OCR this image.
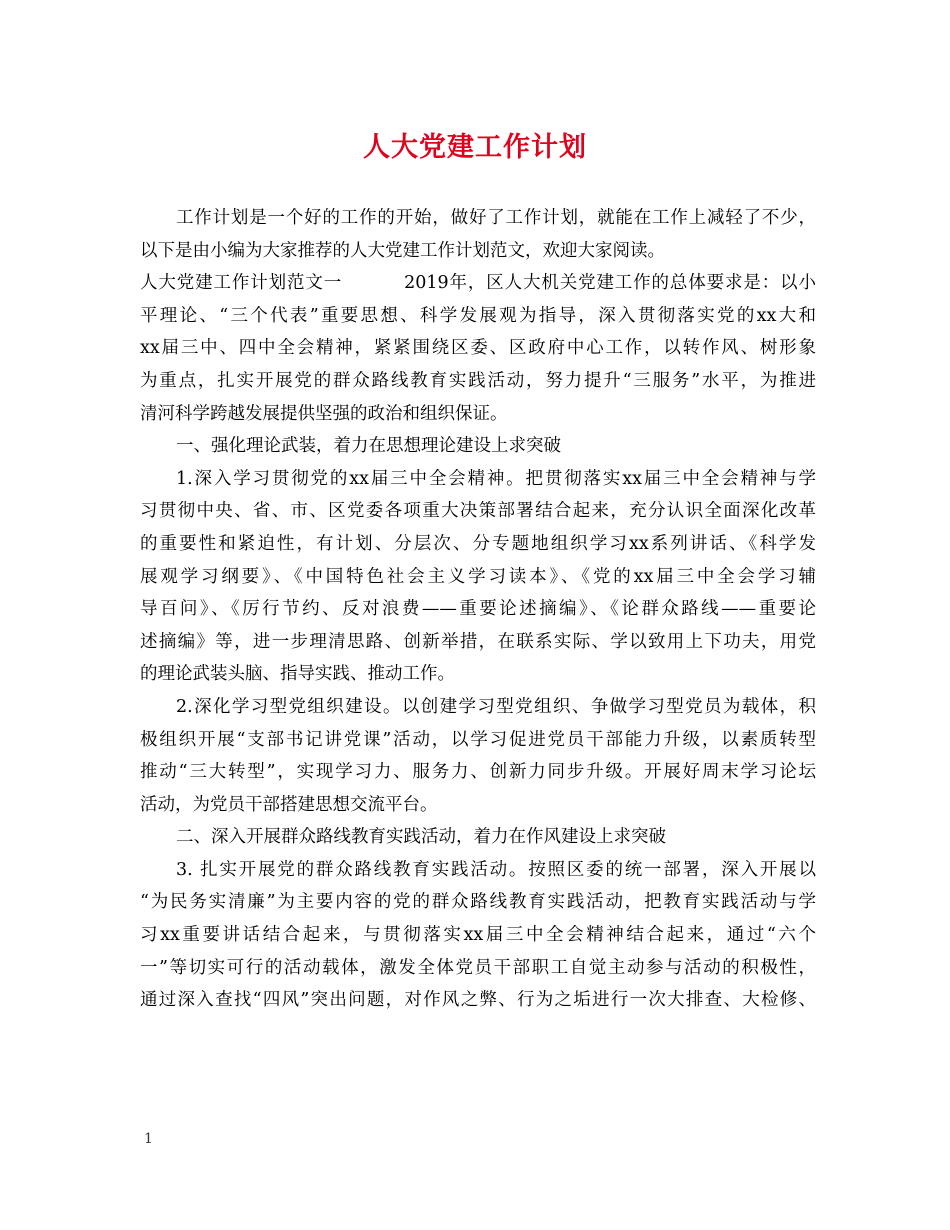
人大党建工作计划
工作计划是一个好的工作的开始，做好了工作计划，就能在工作上减轻了不少，
以下是由小编为大家推荐的人大党建工作计划范文，欢迎大家阅读。
人大党建工作计划范文一	2019年，区人大机关党建工作的总体要求是：以小
平理论、“三个代表”重要思想、科学发展观为指导，深入贯彻落实党的xx大和
xx届三中、四中全会精神，紧紧围绕区委、区政府中心工作，以转作风、树形象
为重点，扎实开展党的群众路线教育实践活动，努力提升“三服务”水平，为推进
清河科学跨越发展提供坚强的政治和组织保证。
一、强化理论武装，着力在思想理论建设上求突破
1.深入学习贯彻党的xx届三中全会精神。把贯彻落实xx届三中全会精神与学
习贯彻中央、省、市、区党委各项重大决策部署结合起来，充分认识全面深化改革
的重要性和紧迫性，有计划、分层次、分专题地组织学习xx系列讲话、《科学发
展观学习纲要》、《中国特色社会主义学习读本》、《党的xx届三中全会学习辅
导百问》、《厉行节约、反对浪费——重要论述摘编》、《论群众路线——重要论
述摘编》等，进一步理清思路、创新举措，在联系实际、学以致用上下功夫，用党
的理论武装头脑、指导实践、推动工作。
2.深化学习型党组织建设。以创建学习型党组织、争做学习型党员为载体，积
极组织开展“支部书记讲党课”活动，以学习促进党员干部能力升级，以素质转型
推动“三大转型”，实现学习力、服务力、创新力同步升级。开展好周末学习论坛
活动，为党员干部搭建思想交流平台。
二、深入开展群众路线教育实践活动，着力在作风建设上求突破
3. 扎实开展党的群众路线教育实践活动。按照区委的统一部署，深入开展以
“为民务实清廉”为主要内容的党的群众路线教育实践活动，把教育实践活动与学
习xx重要讲话结合起来，与贯彻落实xx届三中全会精神结合起来，通过“六个
一”等切实可行的活动载体，激发全体党员干部职工自觉主动参与活动的积极性，
通过深入查找“四风”突出问题，对作风之弊、行为之垢进行一次大排查、大检修、
1
